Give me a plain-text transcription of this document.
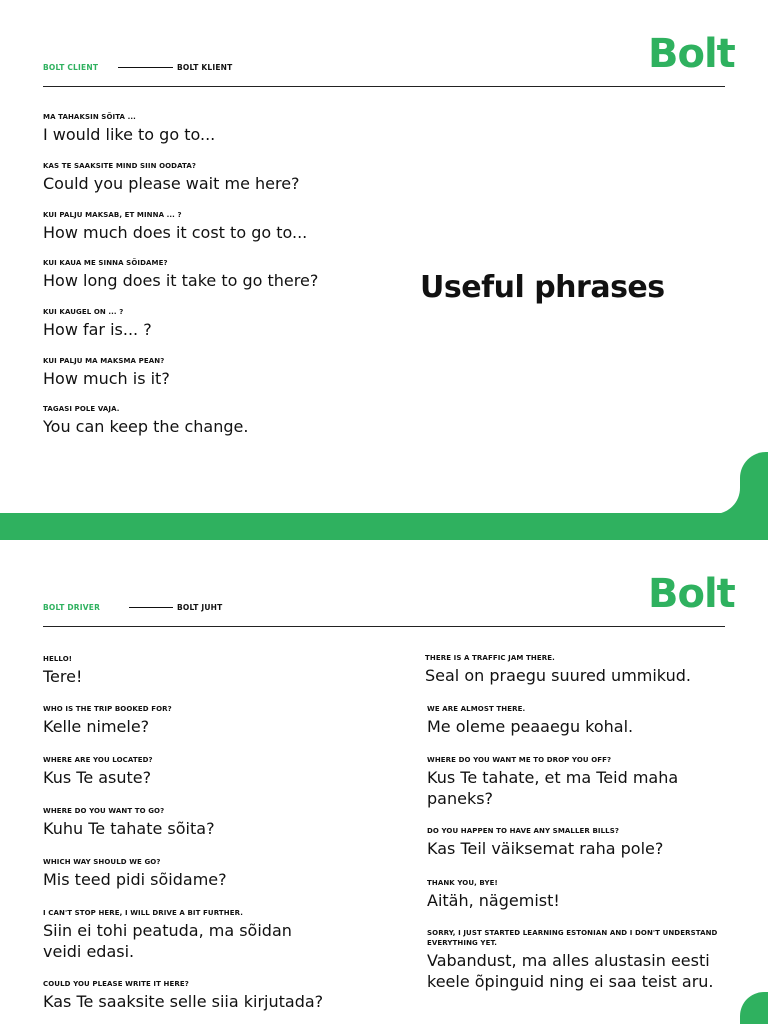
BOLT CLIENT	BOLT KLIENT	Bolt
MA TAHAKSIN SÕITA ...
I would like to go to...
KAS TE SAAKSITE MIND SIIN OODATA?
Could you please wait me here?
KUI PALJU MAKSAB, ET MINNA ... ?
How much does it cost to go to...
KUI KAUA ME SINNA SÕIDAME?
How long does it take to go there?
KUI KAUGEL ON ... ?
How far is... ?
KUI PALJU MA MAKSMA PEAN?
How much is it?
TAGASI POLE VAJA.
You can keep the change.
Useful phrases
BOLT DRIVER	BOLT JUHT	Bolt
HELLO!
Tere!
WHO IS THE TRIP BOOKED FOR?
Kelle nimele?
WHERE ARE YOU LOCATED?
Kus Te asute?
WHERE DO YOU WANT TO GO?
Kuhu Te tahate sõita?
WHICH WAY SHOULD WE GO?
Mis teed pidi sõidame?
I CAN'T STOP HERE, I WILL DRIVE A BIT FURTHER.
Siin ei tohi peatuda, ma sõidan
veidi edasi.
COULD YOU PLEASE WRITE IT HERE?
Kas Te saaksite selle siia kirjutada?
THERE IS A TRAFFIC JAM THERE.
Seal on praegu suured ummikud.
WE ARE ALMOST THERE.
Me oleme peaaegu kohal.
WHERE DO YOU WANT ME TO DROP YOU OFF?
Kus Te tahate, et ma Teid maha
paneks?
DO YOU HAPPEN TO HAVE ANY SMALLER BILLS?
Kas Teil väiksemat raha pole?
THANK YOU, BYE!
Aitäh, nägemist!
SORRY, I JUST STARTED LEARNING ESTONIAN AND I DON'T UNDERSTAND EVERYTHING YET.
Vabandust, ma alles alustasin eesti
keele õpinguid ning ei saa teist aru.
